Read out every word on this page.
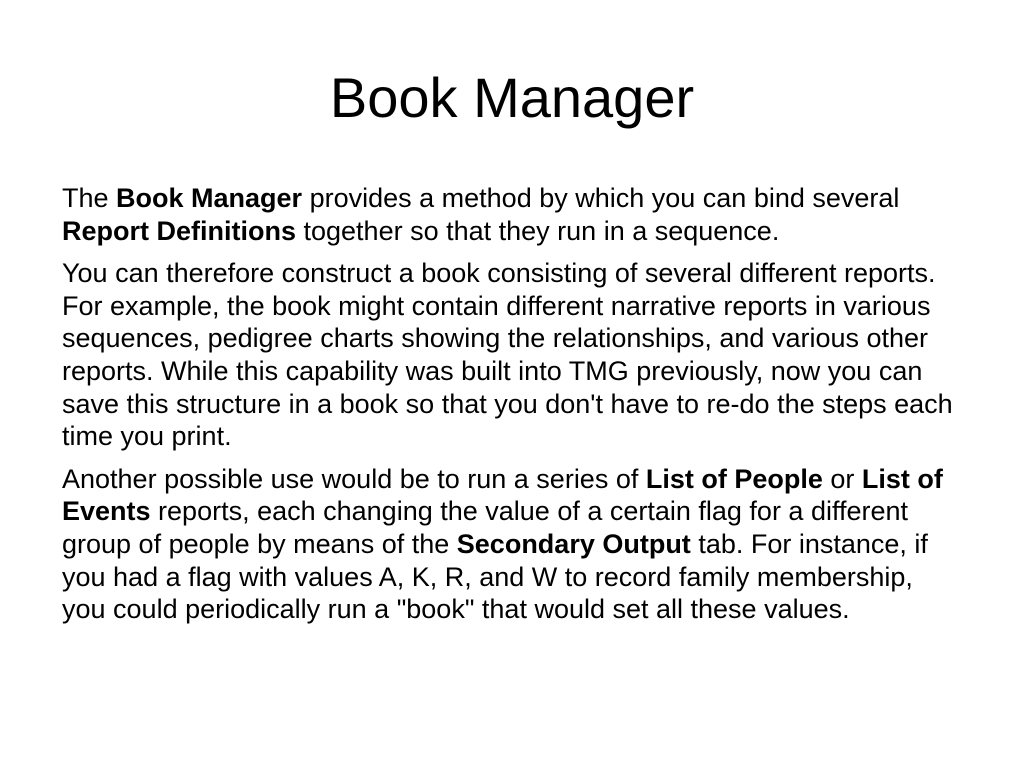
Book Manager

The Book Manager provides a method by which you can bind several Report Definitions together so that they run in a sequence.

You can therefore construct a book consisting of several different reports. For example, the book might contain different narrative reports in various sequences, pedigree charts showing the relationships, and various other reports. While this capability was built into TMG previously, now you can save this structure in a book so that you don't have to re-do the steps each time you print.

Another possible use would be to run a series of List of People or List of Events reports, each changing the value of a certain flag for a different group of people by means of the Secondary Output tab. For instance, if you had a flag with values A, K, R, and W to record family membership, you could periodically run a "book" that would set all these values.
